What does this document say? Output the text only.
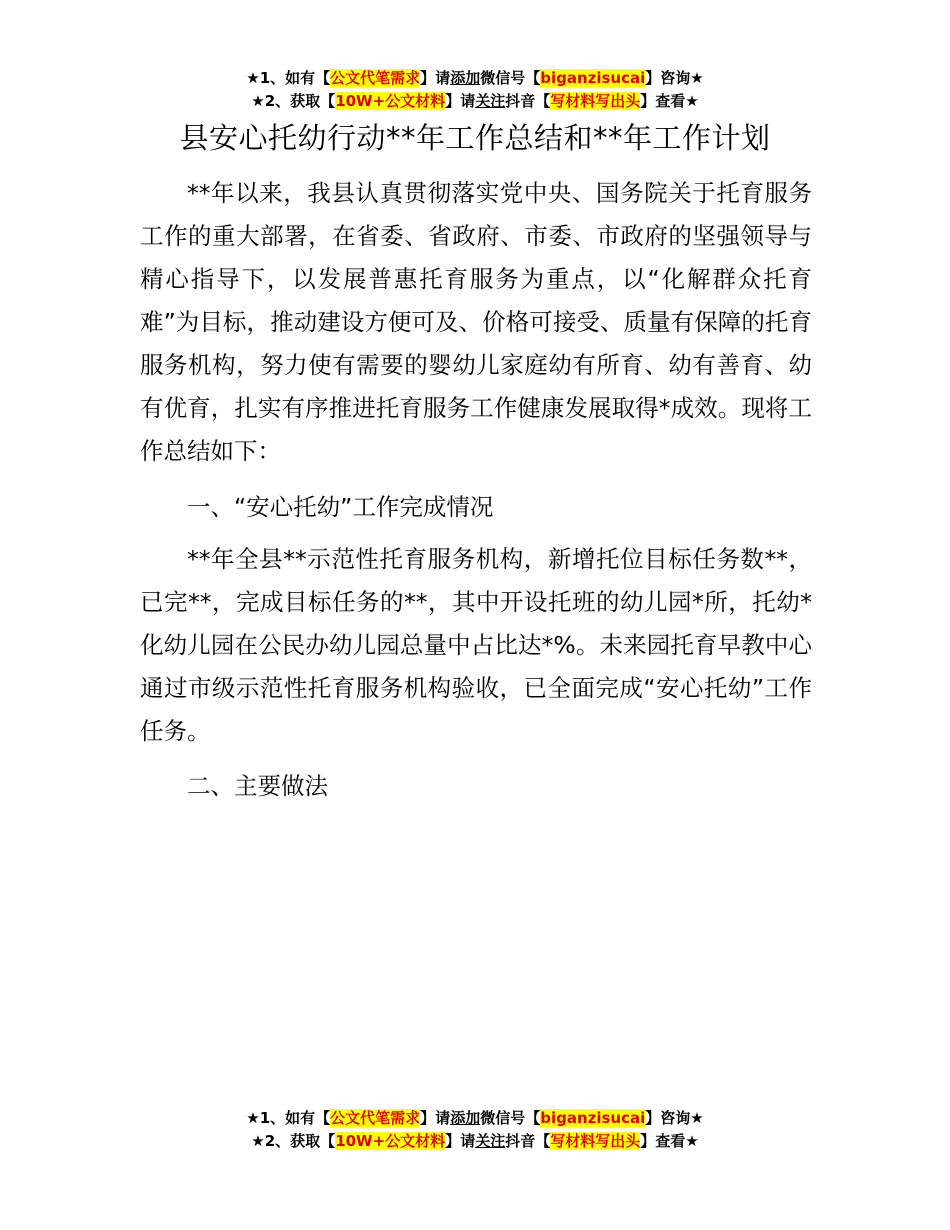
★1、如有【公文代笔需求】请添加微信号【biganzisucai】咨询★
★2、获取【10W+公文材料】请关注抖音【写材料写出头】查看★
县安心托幼行动**年工作总结和**年工作计划

**年以来，我县认真贯彻落实党中央、国务院关于托育服务工作的重大部署，在省委、省政府、市委、市政府的坚强领导与精心指导下，以发展普惠托育服务为重点，以“化解群众托育难”为目标，推动建设方便可及、价格可接受、质量有保障的托育服务机构，努力使有需要的婴幼儿家庭幼有所育、幼有善育、幼有优育，扎实有序推进托育服务工作健康发展取得*成效。现将工作总结如下：

一、“安心托幼”工作完成情况

**年全县**示范性托育服务机构，新增托位目标任务数**，已完**，完成目标任务的**，其中开设托班的幼儿园*所，托幼*化幼儿园在公民办幼儿园总量中占比达*%。未来园托育早教中心通过市级示范性托育服务机构验收，已全面完成“安心托幼”工作任务。

二、主要做法

★1、如有【公文代笔需求】请添加微信号【biganzisucai】咨询★
★2、获取【10W+公文材料】请关注抖音【写材料写出头】查看★
